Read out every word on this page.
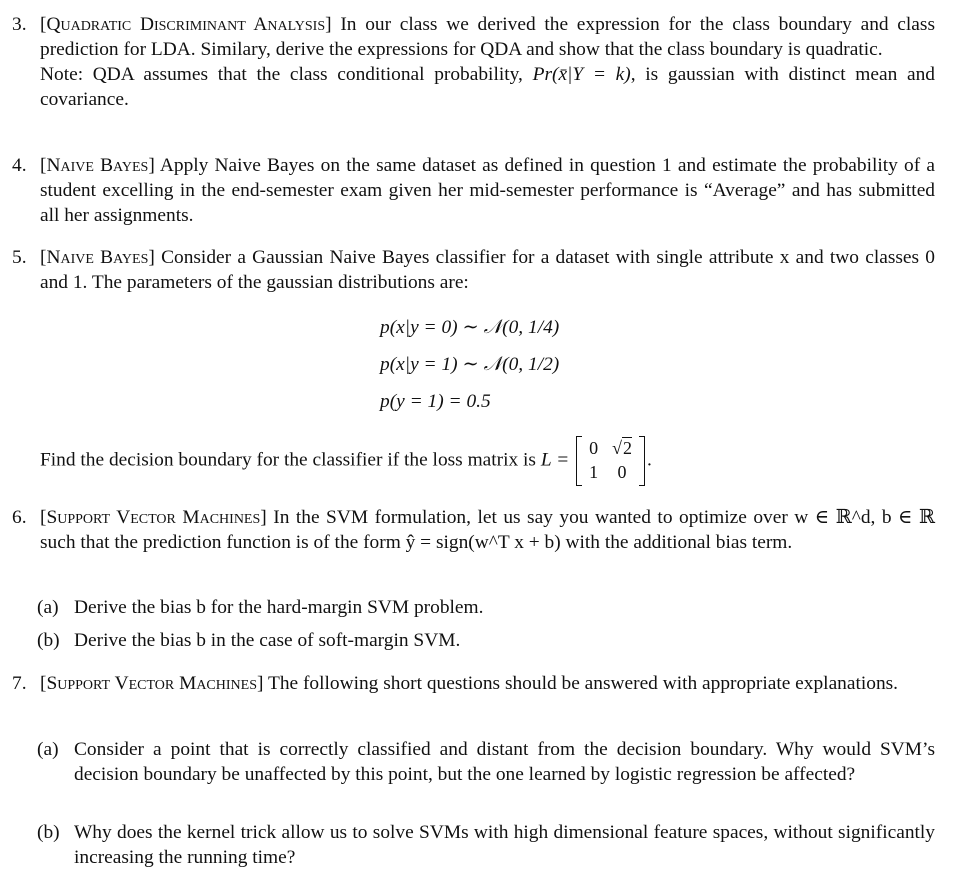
3. [Quadratic Discriminant Analysis] In our class we derived the expression for the class boundary and class prediction for LDA. Similary, derive the expressions for QDA and show that the class boundary is quadratic.
Note: QDA assumes that the class conditional probability, Pr(x̄|Y = k), is gaussian with distinct mean and covariance.
4. [Naive Bayes] Apply Naive Bayes on the same dataset as defined in question 1 and estimate the probability of a student excelling in the end-semester exam given her mid-semester performance is “Average” and has submitted all her assignments.
5. [Naive Bayes] Consider a Gaussian Naive Bayes classifier for a dataset with single attribute x and two classes 0 and 1. The parameters of the gaussian distributions are:
p(x|y = 0) ∼ 𝒩(0, 1/4)
p(x|y = 1) ∼ 𝒩(0, 1/2)
p(y = 1) = 0.5
Find the decision boundary for the classifier if the loss matrix is L =
0	√2
1	0
.
6. [Support Vector Machines] In the SVM formulation, let us say you wanted to optimize over w ∈ ℝ^d, b ∈ ℝ such that the prediction function is of the form ŷ = sign(w^T x + b) with the additional bias term.
(a) Derive the bias b for the hard-margin SVM problem.
(b) Derive the bias b in the case of soft-margin SVM.
7. [Support Vector Machines] The following short questions should be answered with appropriate explanations.
(a) Consider a point that is correctly classified and distant from the decision boundary. Why would SVM’s decision boundary be unaffected by this point, but the one learned by logistic regression be affected?
(b) Why does the kernel trick allow us to solve SVMs with high dimensional feature spaces, without significantly increasing the running time?
